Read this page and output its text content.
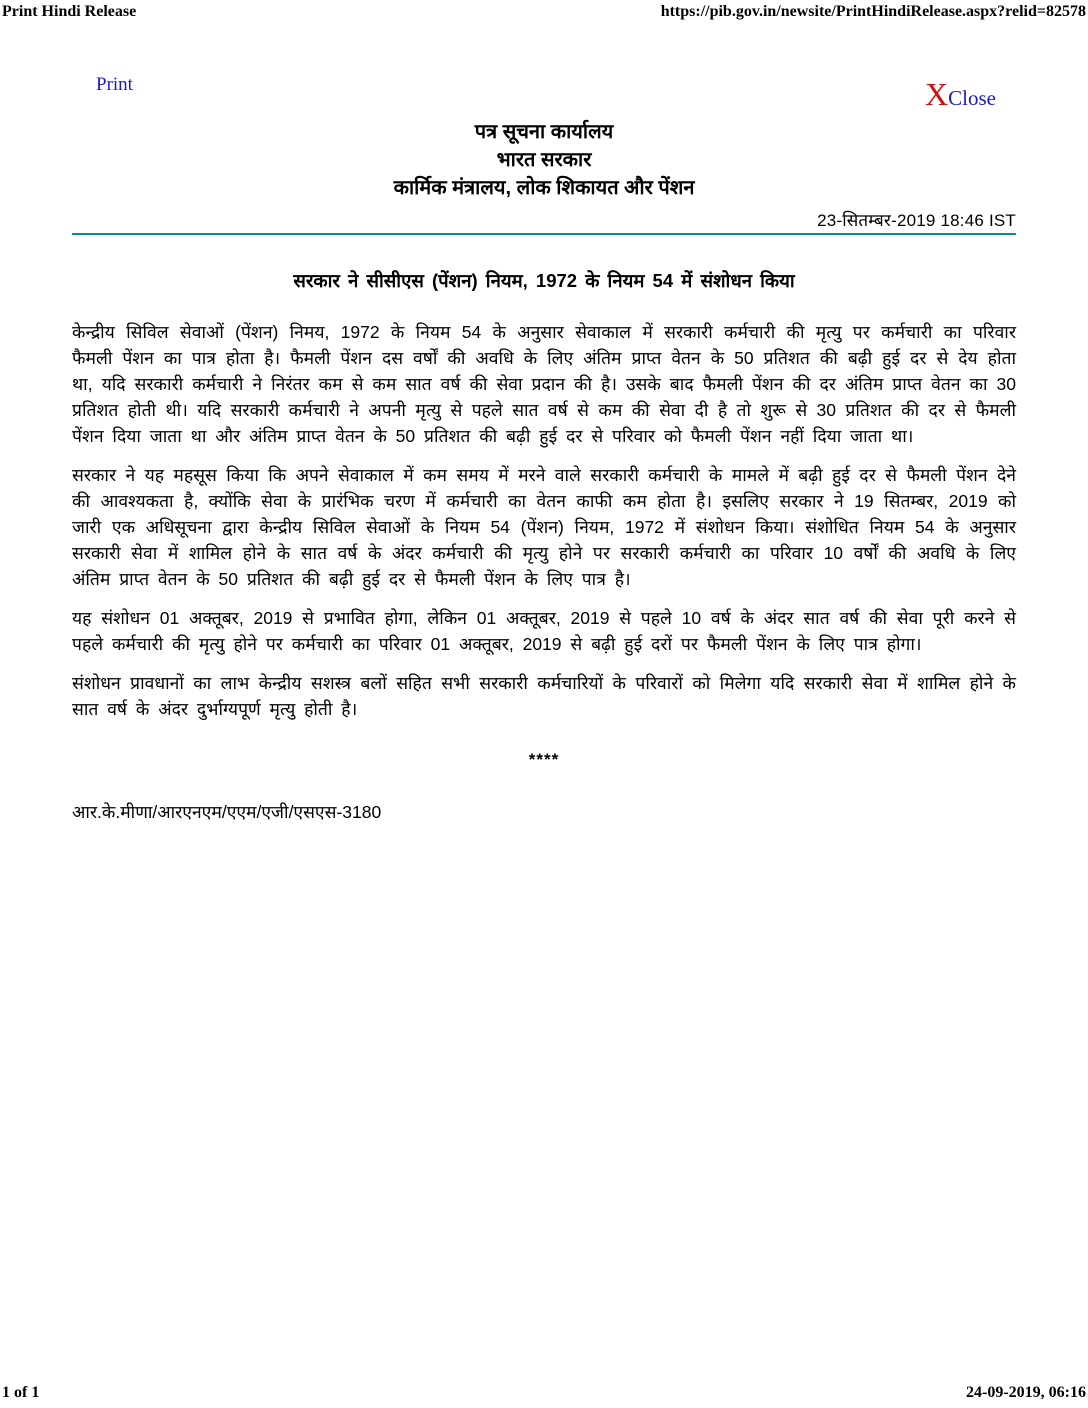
Print Hindi Release	https://pib.gov.in/newsite/PrintHindiRelease.aspx?relid=82578
Print	XClose
पत्र सूचना कार्यालय
भारत सरकार
कार्मिक मंत्रालय, लोक शिकायत और पेंशन
23-सितम्बर-2019 18:46 IST
सरकार ने सीसीएस (पेंशन) नियम, 1972 के नियम 54 में संशोधन किया

केन्द्रीय सिविल सेवाओं (पेंशन) निमय, 1972 के नियम 54 के अनुसार सेवाकाल में सरकारी कर्मचारी की मृत्यु पर कर्मचारी का परिवार फैमली पेंशन का पात्र होता है। फैमली पेंशन दस वर्षों की अवधि के लिए अंतिम प्राप्त वेतन के 50 प्रतिशत की बढ़ी हुई दर से देय होता था, यदि सरकारी कर्मचारी ने निरंतर कम से कम सात वर्ष की सेवा प्रदान की है। उसके बाद फैमली पेंशन की दर अंतिम प्राप्त वेतन का 30 प्रतिशत होती थी। यदि सरकारी कर्मचारी ने अपनी मृत्यु से पहले सात वर्ष से कम की सेवा दी है तो शुरू से 30 प्रतिशत की दर से फैमली पेंशन दिया जाता था और अंतिम प्राप्त वेतन के 50 प्रतिशत की बढ़ी हुई दर से परिवार को फैमली पेंशन नहीं दिया जाता था।

सरकार ने यह महसूस किया कि अपने सेवाकाल में कम समय में मरने वाले सरकारी कर्मचारी के मामले में बढ़ी हुई दर से फैमली पेंशन देने की आवश्यकता है, क्योंकि सेवा के प्रारंभिक चरण में कर्मचारी का वेतन काफी कम होता है। इसलिए सरकार ने 19 सितम्बर, 2019 को जारी एक अधिसूचना द्वारा केन्द्रीय सिविल सेवाओं के नियम 54 (पेंशन) नियम, 1972 में संशोधन किया। संशोधित नियम 54 के अनुसार सरकारी सेवा में शामिल होने के सात वर्ष के अंदर कर्मचारी की मृत्यु होने पर सरकारी कर्मचारी का परिवार 10 वर्षों की अवधि के लिए अंतिम प्राप्त वेतन के 50 प्रतिशत की बढ़ी हुई दर से फैमली पेंशन के लिए पात्र है।

यह संशोधन 01 अक्तूबर, 2019 से प्रभावित होगा, लेकिन 01 अक्तूबर, 2019 से पहले 10 वर्ष के अंदर सात वर्ष की सेवा पूरी करने से पहले कर्मचारी की मृत्यु होने पर कर्मचारी का परिवार 01 अक्तूबर, 2019 से बढ़ी हुई दरों पर फैमली पेंशन के लिए पात्र होगा।

संशोधन प्रावधानों का लाभ केन्द्रीय सशस्त्र बलों सहित सभी सरकारी कर्मचारियों के परिवारों को मिलेगा यदि सरकारी सेवा में शामिल होने के सात वर्ष के अंदर दुर्भाग्यपूर्ण मृत्यु होती है।

****
आर.के.मीणा/आरएनएम/एएम/एजी/एसएस-3180
1 of 1	24-09-2019, 06:16
